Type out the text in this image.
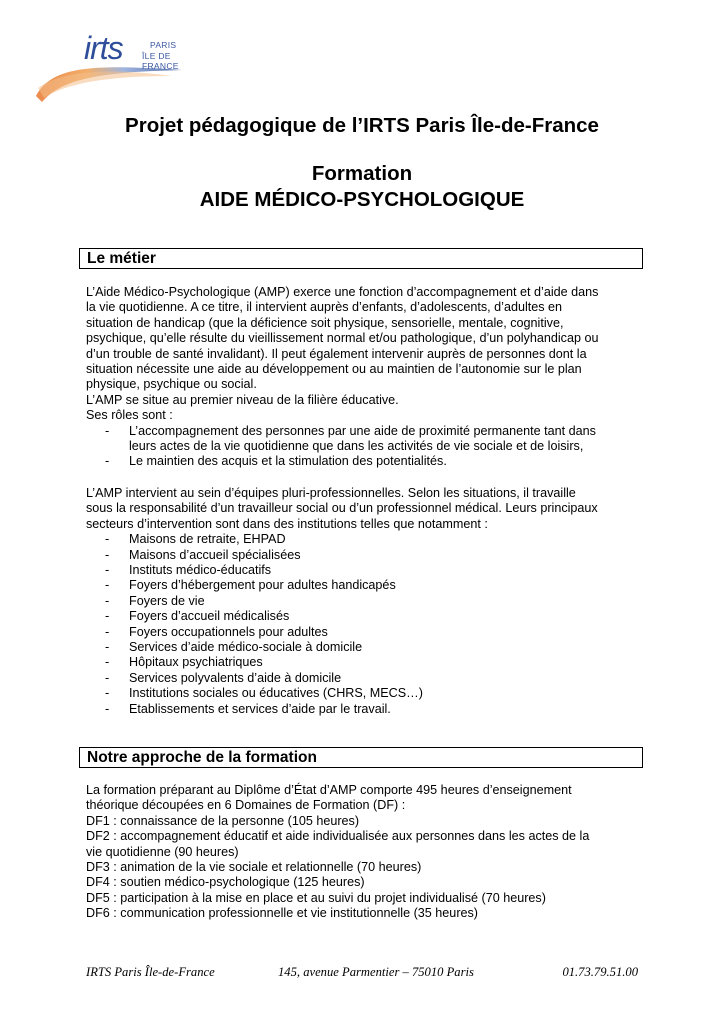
irts	PARIS
ÎLE DE FRANCE
Projet pédagogique de l’IRTS Paris Île-de-France
Formation
AIDE MÉDICO-PSYCHOLOGIQUE
Le métier
L’Aide Médico-Psychologique (AMP) exerce une fonction d’accompagnement et d’aide dans
la vie quotidienne. A ce titre, il intervient auprès d’enfants, d’adolescents, d’adultes en
situation de handicap (que la déficience soit physique, sensorielle, mentale, cognitive,
psychique, qu’elle résulte du vieillissement normal et/ou pathologique, d’un polyhandicap ou
d’un trouble de santé invalidant). Il peut également intervenir auprès de personnes dont la
situation nécessite une aide au développement ou au maintien de l’autonomie sur le plan
physique, psychique ou social.
L’AMP se situe au premier niveau de la filière éducative.
Ses rôles sont :
- L’accompagnement des personnes par une aide de proximité permanente tant dans
leurs actes de la vie quotidienne que dans les activités de vie sociale et de loisirs,
- Le maintien des acquis et la stimulation des potentialités.
L’AMP intervient au sein d’équipes pluri-professionnelles. Selon les situations, il travaille
sous la responsabilité d’un travailleur social ou d’un professionnel médical. Leurs principaux
secteurs d’intervention sont dans des institutions telles que notamment :
- Maisons de retraite, EHPAD
- Maisons d’accueil spécialisées
- Instituts médico-éducatifs
- Foyers d’hébergement pour adultes handicapés
- Foyers de vie
- Foyers d’accueil médicalisés
- Foyers occupationnels pour adultes
- Services d’aide médico-sociale à domicile
- Hôpitaux psychiatriques
- Services polyvalents d’aide à domicile
- Institutions sociales ou éducatives (CHRS, MECS…)
- Etablissements et services d’aide par le travail.
Notre approche de la formation
La formation préparant au Diplôme d’État d’AMP comporte 495 heures d’enseignement
théorique découpées en 6 Domaines de Formation (DF) :
DF1 : connaissance de la personne (105 heures)
DF2 : accompagnement éducatif et aide individualisée aux personnes dans les actes de la
vie quotidienne (90 heures)
DF3 : animation de la vie sociale et relationnelle (70 heures)
DF4 : soutien médico-psychologique (125 heures)
DF5 : participation à la mise en place et au suivi du projet individualisé (70 heures)
DF6 : communication professionnelle et vie institutionnelle (35 heures)
IRTS Paris Île-de-France	145, avenue Parmentier – 75010 Paris	01.73.79.51.00
